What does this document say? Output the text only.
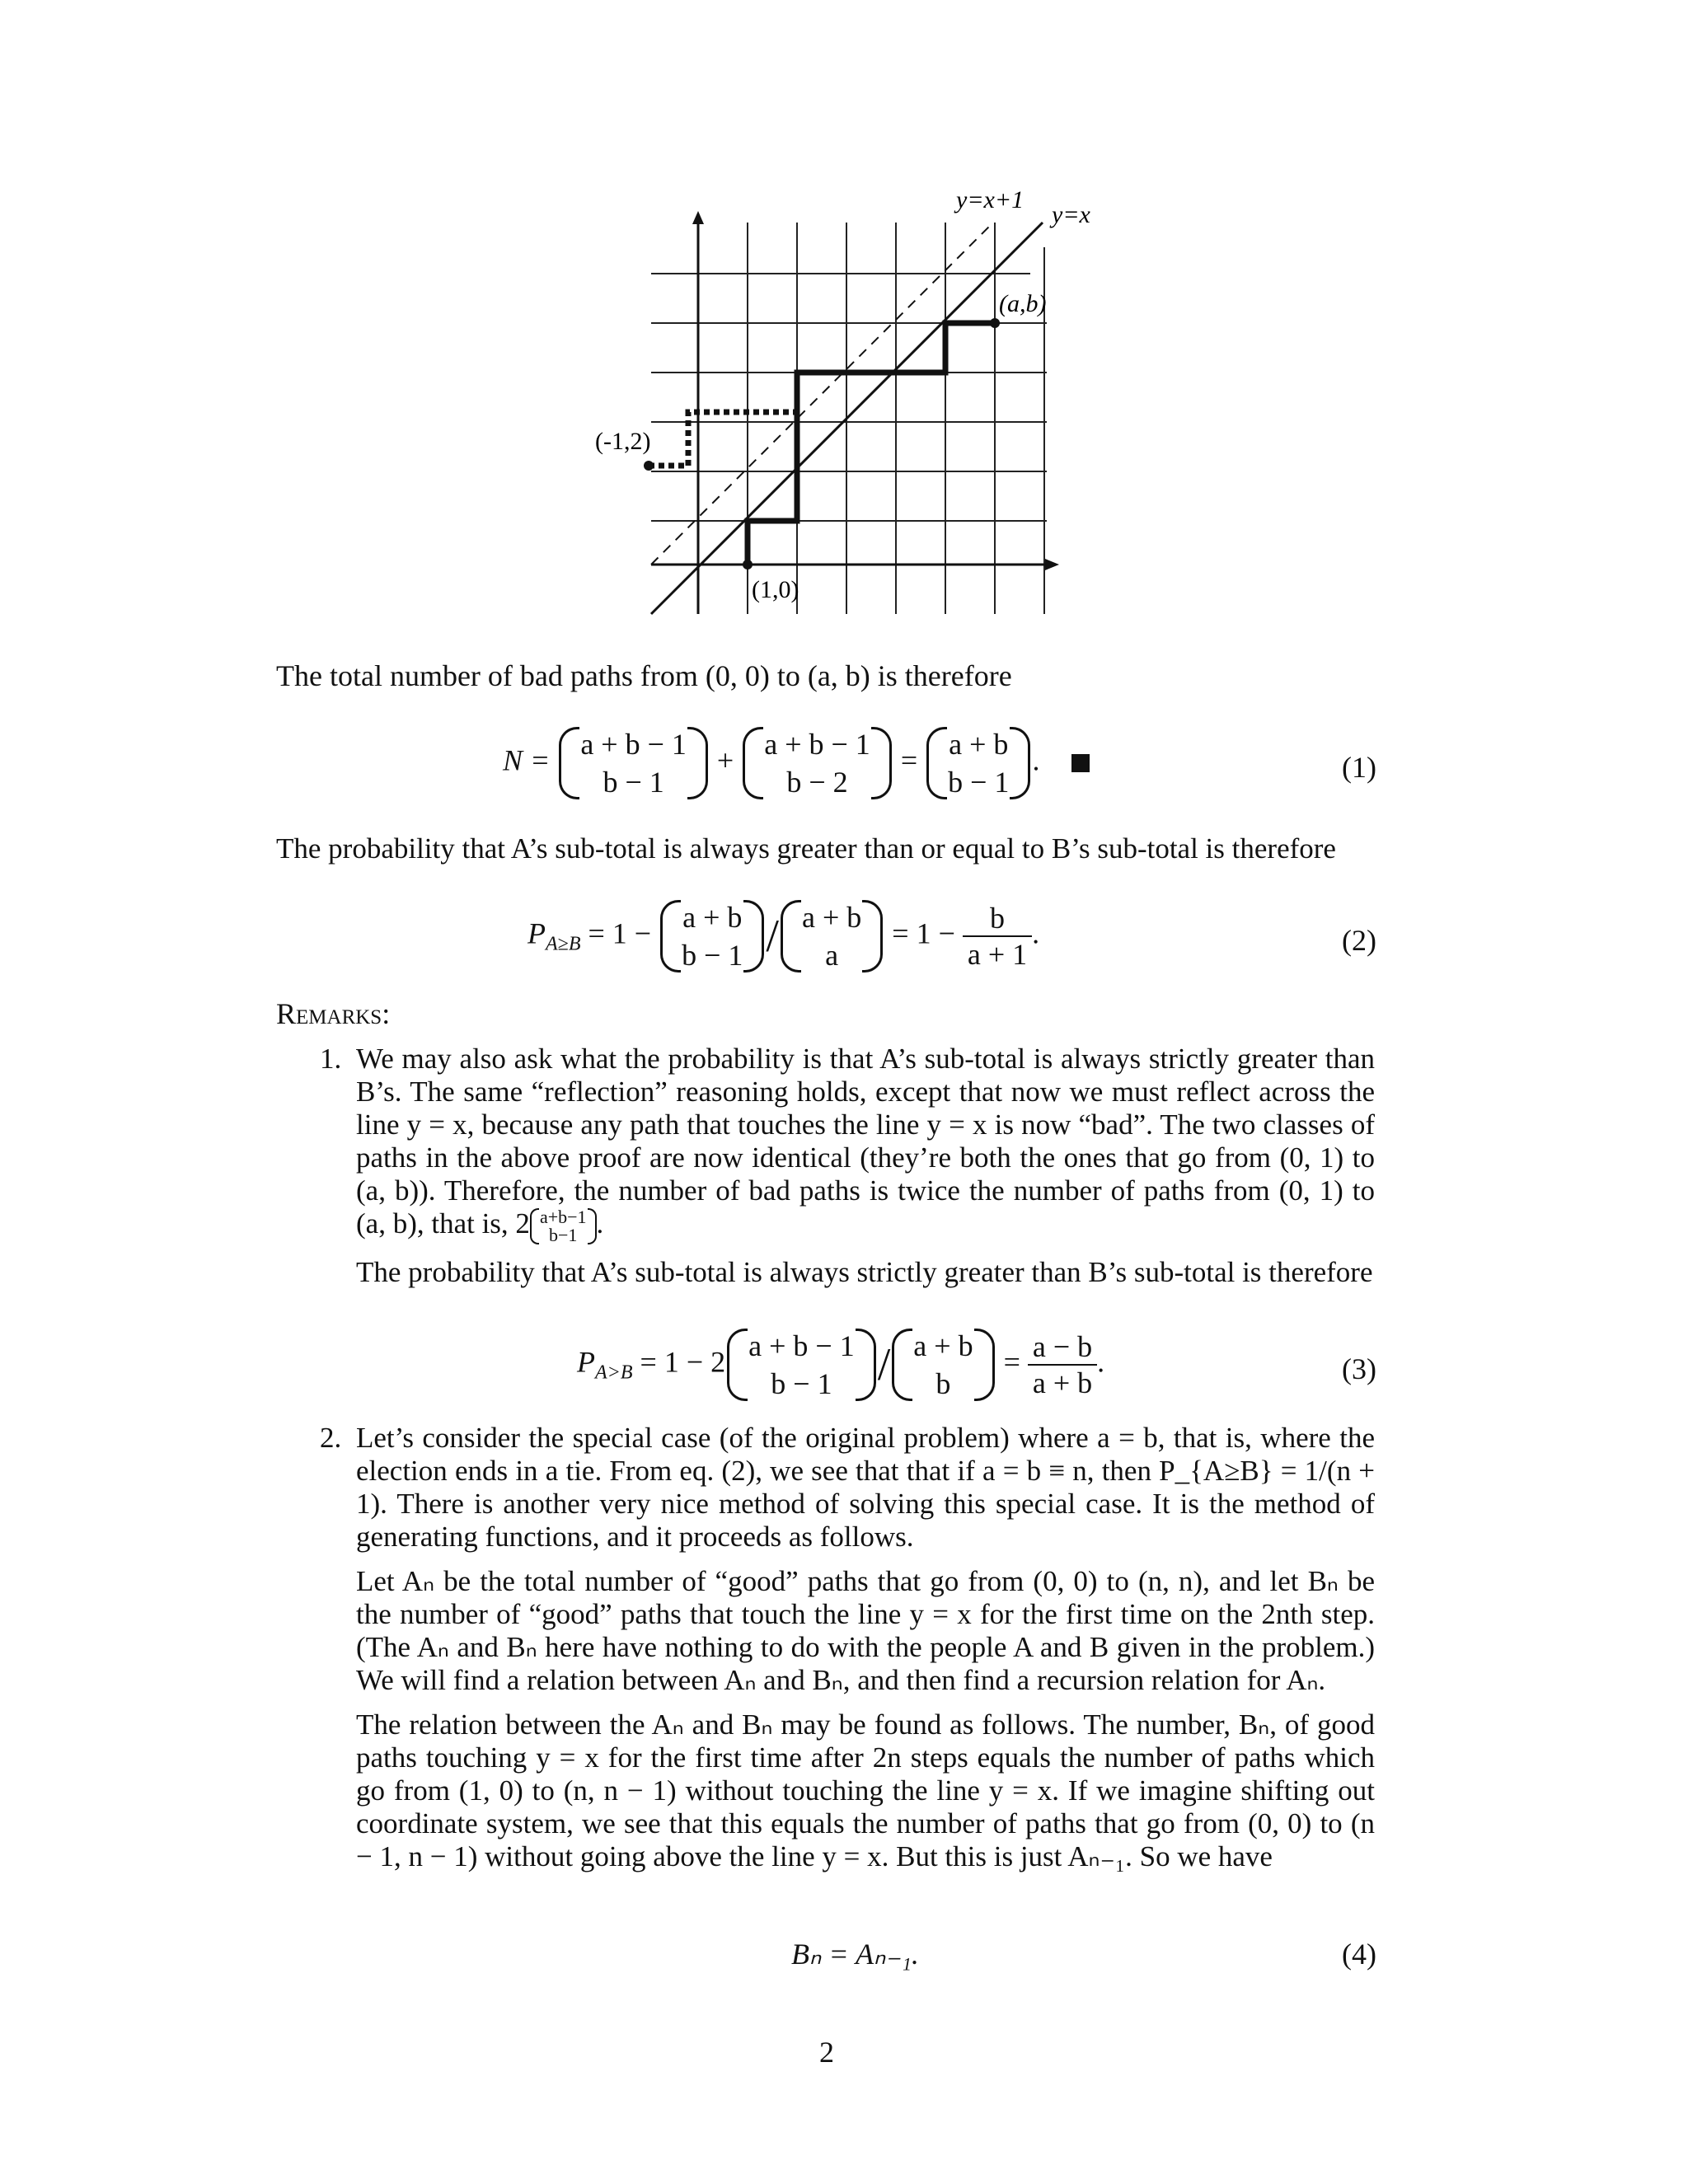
y=x+1
y=x
(a,b)
(-1,2)
(1,0)
The total number of bad paths from (0, 0) to (a, b) is therefore
N = a + b − 1
b − 1
+ a + b − 1
b − 2
= a + b
b − 1
.	(1)
The probability that A’s sub-total is always greater than or equal to B’s sub-total is therefore
$P_{A\ge B} = 1 - a + b$
b − 1 / a + b
a
= $1 - \frac{b}{a + 1}$ .	(2)
Remarks:
1. We may also ask what the probability is that A’s sub-total is always strictly greater than B’s. The same “reflection” reasoning holds, except that now we must reflect across the line y = x, because any path that touches the line y = x is now “bad”. The two classes of paths in the above proof are now identical (they’re both the ones that go from (0, 1) to (a, b)). Therefore, the number of bad paths is twice the number of paths from (0, 1) to (a, b), that is, 2 a+b−1
b−1 .
The probability that A’s sub-total is always strictly greater than B’s sub-total is therefore
$P_{A>B} = 1 - 2$ a + b − 1
b − 1 / a + b
b
= $\frac{a - b}{a + b}$ .	(3)
2. Let’s consider the special case (of the original problem) where a = b, that is, where the election ends in a tie. From eq. (2), we see that that if a = b ≡ n, then P_{A≥B} = 1/(n + 1). There is another very nice method of solving this special case. It is the method of generating functions, and it proceeds as follows.
Let Aₙ be the total number of “good” paths that go from (0, 0) to (n, n), and let Bₙ be the number of “good” paths that touch the line y = x for the first time on the 2nth step. (The Aₙ and Bₙ here have nothing to do with the people A and B given in the problem.) We will find a relation between Aₙ and Bₙ, and then find a recursion relation for Aₙ.
The relation between the Aₙ and Bₙ may be found as follows. The number, Bₙ, of good paths touching y = x for the first time after 2n steps equals the number of paths which go from (1, 0) to (n, n − 1) without touching the line y = x. If we imagine shifting out coordinate system, we see that this equals the number of paths that go from (0, 0) to (n − 1, n − 1) without going above the line y = x. But this is just Aₙ₋₁. So we have
Bₙ = Aₙ₋₁.	(4)
2
